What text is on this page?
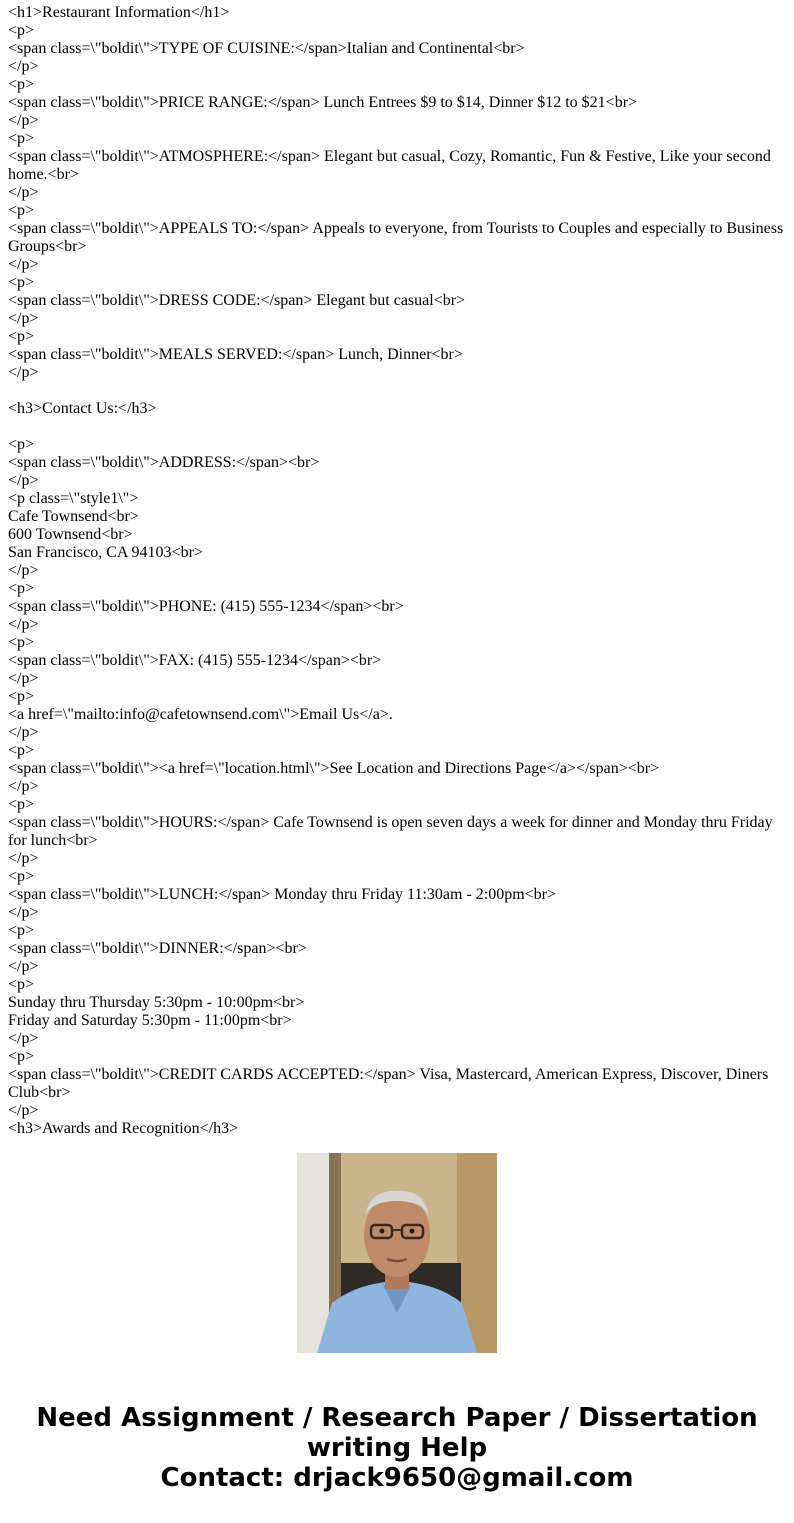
<h1>Restaurant Information</h1>
<p>
<span class=\"boldit\">TYPE OF CUISINE:</span>Italian and Continental<br>
</p>
<p>
<span class=\"boldit\">PRICE RANGE:</span> Lunch Entrees $9 to $14, Dinner $12 to $21<br>
</p>
<p>
<span class=\"boldit\">ATMOSPHERE:</span> Elegant but casual, Cozy, Romantic, Fun & Festive, Like your second home.<br>
</p>
<p>
<span class=\"boldit\">APPEALS TO:</span> Appeals to everyone, from Tourists to Couples and especially to Business Groups<br>
</p>
<p>
<span class=\"boldit\">DRESS CODE:</span> Elegant but casual<br>
</p>
<p>
<span class=\"boldit\">MEALS SERVED:</span> Lunch, Dinner<br>
</p>
<h3>Contact Us:</h3>
<p>
<span class=\"boldit\">ADDRESS:</span><br>
</p>
<p class=\"style1\">
Cafe Townsend<br>
600 Townsend<br>
San Francisco, CA 94103<br>
</p>
<p>
<span class=\"boldit\">PHONE: (415) 555-1234</span><br>
</p>
<p>
<span class=\"boldit\">FAX: (415) 555-1234</span><br>
</p>
<p>
<a href=\"mailto:info@cafetownsend.com\">Email Us</a>.
</p>
<p>
<span class=\"boldit\"><a href=\"location.html\">See Location and Directions Page</a></span><br>
</p>
<p>
<span class=\"boldit\">HOURS:</span> Cafe Townsend is open seven days a week for dinner and Monday thru Friday for lunch<br>
</p>
<p>
<span class=\"boldit\">LUNCH:</span> Monday thru Friday 11:30am - 2:00pm<br>
</p>
<p>
<span class=\"boldit\">DINNER:</span><br>
</p>
<p>
Sunday thru Thursday 5:30pm - 10:00pm<br>
Friday and Saturday 5:30pm - 11:00pm<br>
</p>
<p>
<span class=\"boldit\">CREDIT CARDS ACCEPTED:</span> Visa, Mastercard, American Express, Discover, Diners Club<br>
</p>
<h3>Awards and Recognition</h3>
Need Assignment / Research Paper / Dissertation
writing Help
Contact: drjack9650@gmail.com
